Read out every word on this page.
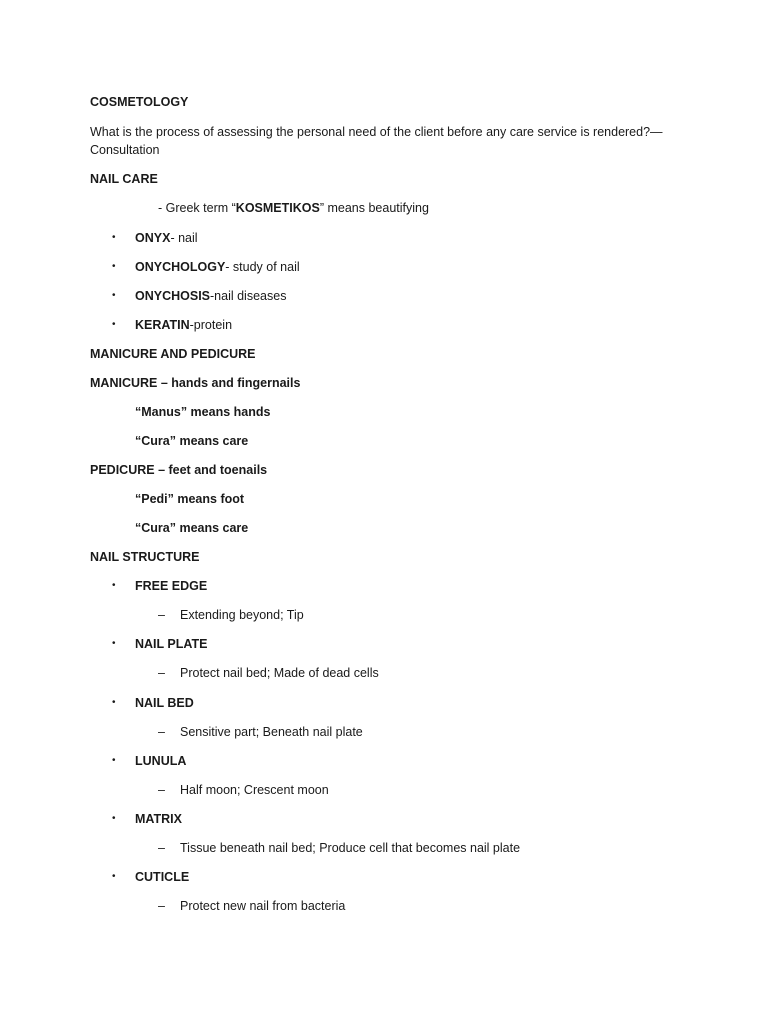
COSMETOLOGY
What is the process of assessing the personal need of the client before any care service is rendered?—
Consultation
NAIL CARE
- Greek term “KOSMETIKOS” means beautifying
• ONYX- nail
• ONYCHOLOGY- study of nail
• ONYCHOSIS-nail diseases
• KERATIN-protein
MANICURE AND PEDICURE
MANICURE – hands and fingernails
“Manus” means hands
“Cura” means care
PEDICURE – feet and toenails
“Pedi” means foot
“Cura” means care
NAIL STRUCTURE
• FREE EDGE
– Extending beyond; Tip
• NAIL PLATE
– Protect nail bed; Made of dead cells
• NAIL BED
– Sensitive part; Beneath nail plate
• LUNULA
– Half moon; Crescent moon
• MATRIX
– Tissue beneath nail bed; Produce cell that becomes nail plate
• CUTICLE
– Protect new nail from bacteria
